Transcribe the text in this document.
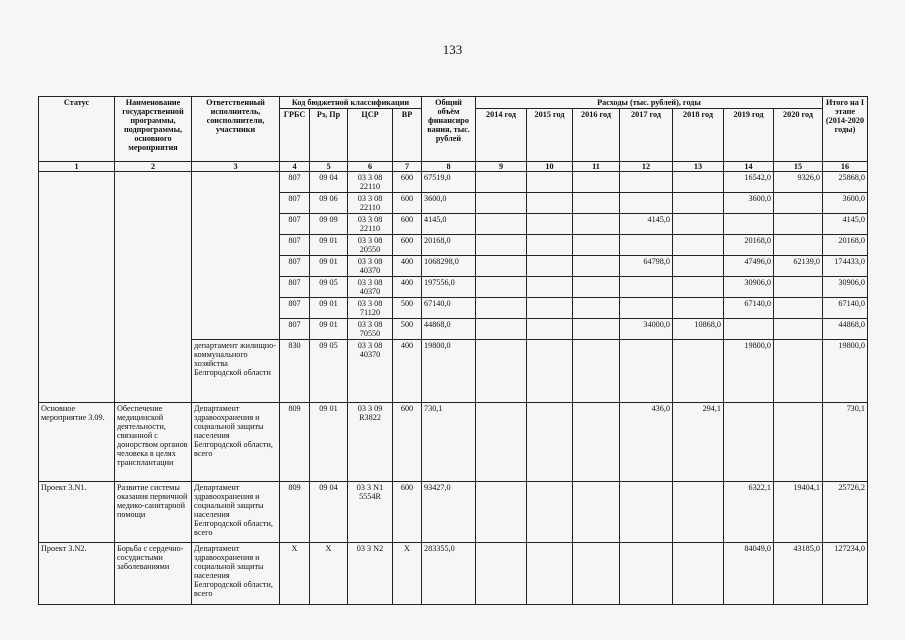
133
Статус	Наименование государственной программы, подпрограммы, основного мероприятия	Ответственный исполнитель, соисполнители, участники	Код бюджетной классификации				Общий объём финансиро вания, тыс. рублей	Расходы (тыс. рублей), годы							Итого на I этапе (2014-2020 годы)
			ГРБС	Рз, Пр	ЦСР	ВР		2014 год	2015 год	2016 год	2017 год	2018 год	2019 год	2020 год	
1	2	3	4	5	6	7	8	9	10	11	12	13	14	15	16
			807	09 04	03 3 08 22110	600	67519,0						16542,0	9326,0	25868,0
			807	09 06	03 3 08 22110	600	3600,0						3600,0		3600,0
			807	09 09	03 3 08 22110	600	4145,0				4145,0				4145,0
			807	09 01	03 3 08 20550	600	20168,0						20168,0		20168,0
			807	09 01	03 3 08 40370	400	1068298,0				64798,0		47496,0	62139,0	174433,0
			807	09 05	03 3 08 40370	400	197556,0						30906,0		30906,0
			807	09 01	03 3 08 71120	500	67140,0						67140,0		67140,0
			807	09 01	03 3 08 70550	500	44868,0				34000,0	10868,0			44868,0
		департамент жилищно-коммунального хозяйства Белгородской области	830	09 05	03 3 08 40370	400	19800,0						19800,0		19800,0
Основное мероприятие 3.09.	Обеспечение медицинской деятельности, связанной с донорством органов человека в целях трансплантации	Департамент здравоохранения и социальной защиты населения Белгородской области, всего	809	09 01	03 3 09 R3822	600	730,1				436,0	294,1			730,1
Проект 3.N1.	Развитие системы оказания первичной медико-санитарной помощи	Департамент здравоохранения и социальной защиты населения Белгородской области, всего	809	09 04	03 3 N1 5554R	600	93427,0						6322,1	19404,1	25726,2
Проект 3.N2.	Борьба с сердечно-сосудистыми заболеваниями	Департамент здравоохранения и социальной защиты населения Белгородской области, всего	X	X	03 3 N2	X	283355,0						84049,0	43185,0	127234,0
